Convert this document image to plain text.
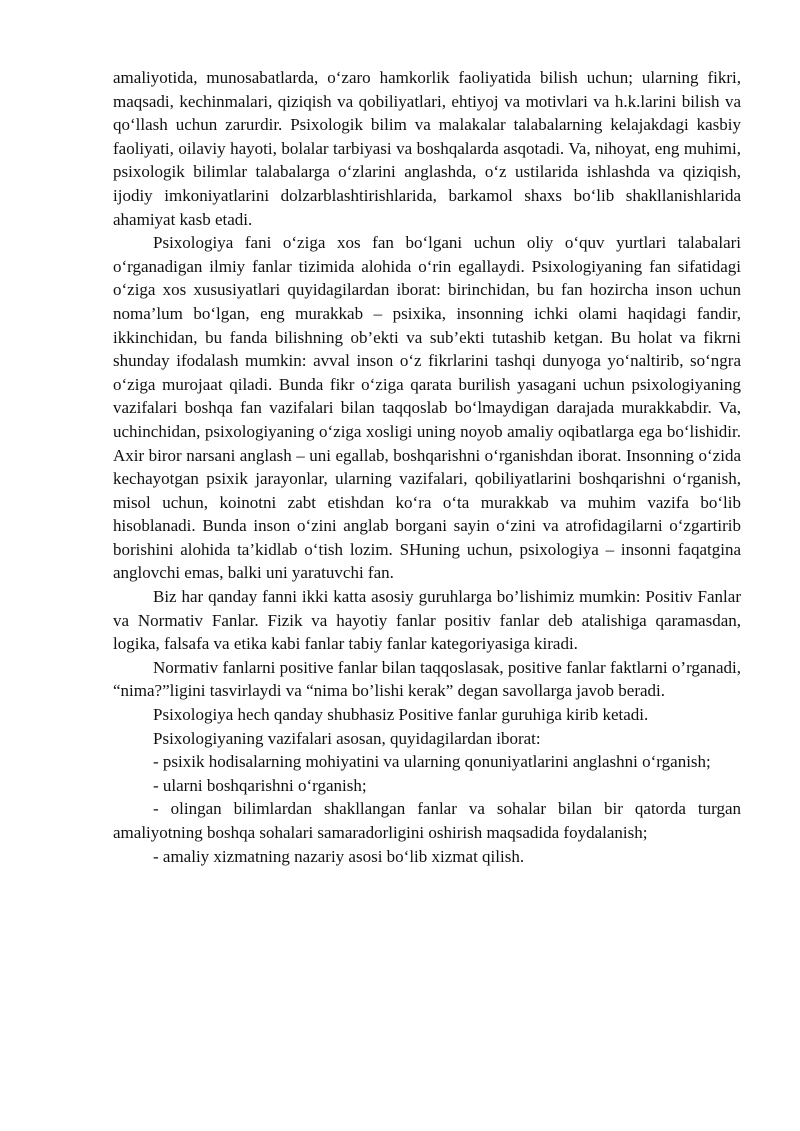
amaliyotida, munosabatlarda, o‘zaro hamkorlik faoliyatida bilish uchun; ularning fikri, maqsadi, kechinmalari, qiziqish va qobiliyatlari, ehtiyoj va motivlari va h.k.larini bilish va qo‘llash uchun zarurdir. Psixologik bilim va malakalar talabalarning kelajakdagi kasbiy faoliyati, oilaviy hayoti, bolalar tarbiyasi va boshqalarda asqotadi. Va, nihoyat, eng muhimi, psixologik bilimlar talabalarga o‘zlarini anglashda, o‘z ustilarida ishlashda va qiziqish, ijodiy imkoniyatlarini dolzarblashtirishlarida, barkamol shaxs bo‘lib shakllanishlarida ahamiyat kasb etadi.

Psixologiya fani o‘ziga xos fan bo‘lgani uchun oliy o‘quv yurtlari talabalari o‘rganadigan ilmiy fanlar tizimida alohida o‘rin egallaydi. Psixologiyaning fan sifatidagi o‘ziga xos xususiyatlari quyidagilardan iborat: birinchidan, bu fan hozircha inson uchun noma’lum bo‘lgan, eng murakkab – psixika, insonning ichki olami haqidagi fandir, ikkinchidan, bu fanda bilishning ob’ekti va sub’ekti tutashib ketgan. Bu holat va fikrni shunday ifodalash mumkin: avval inson o‘z fikrlarini tashqi dunyoga yo‘naltirib, so‘ngra o‘ziga murojaat qiladi. Bunda fikr o‘ziga qarata burilish yasagani uchun psixologiyaning vazifalari boshqa fan vazifalari bilan taqqoslab bo‘lmaydigan darajada murakkabdir. Va, uchinchidan, psixologiyaning o‘ziga xosligi uning noyob amaliy oqibatlarga ega bo‘lishidir. Axir biror narsani anglash – uni egallab, boshqarishni o‘rganishdan iborat. Insonning o‘zida kechayotgan psixik jarayonlar, ularning vazifalari, qobiliyatlarini boshqarishni o‘rganish, misol uchun, koinotni zabt etishdan ko‘ra o‘ta murakkab va muhim vazifa bo‘lib hisoblanadi. Bunda inson o‘zini anglab borgani sayin o‘zini va atrofidagilarni o‘zgartirib borishini alohida ta’kidlab o‘tish lozim. SHuning uchun, psixologiya – insonni faqatgina anglovchi emas, balki uni yaratuvchi fan.

Biz har qanday fanni ikki katta asosiy guruhlarga bo’lishimiz mumkin: Positiv Fanlar va Normativ Fanlar. Fizik va hayotiy fanlar positiv fanlar deb atalishiga qaramasdan, logika, falsafa va etika kabi fanlar tabiy fanlar kategoriyasiga kiradi.

Normativ fanlarni positive fanlar bilan taqqoslasak, positive fanlar faktlarni o’rganadi, “nima?”ligini tasvirlaydi va “nima bo’lishi kerak” degan savollarga javob beradi.

Psixologiya hech qanday shubhasiz Positive fanlar guruhiga kirib ketadi.

Psixologiyaning vazifalari asosan, quyidagilardan iborat:

- psixik hodisalarning mohiyatini va ularning qonuniyatlarini anglashni o‘rganish;

- ularni boshqarishni o‘rganish;

- olingan bilimlardan shakllangan fanlar va sohalar bilan bir qatorda turgan amaliyotning boshqa sohalari samaradorligini oshirish maqsadida foydalanish;

- amaliy xizmatning nazariy asosi bo‘lib xizmat qilish.
